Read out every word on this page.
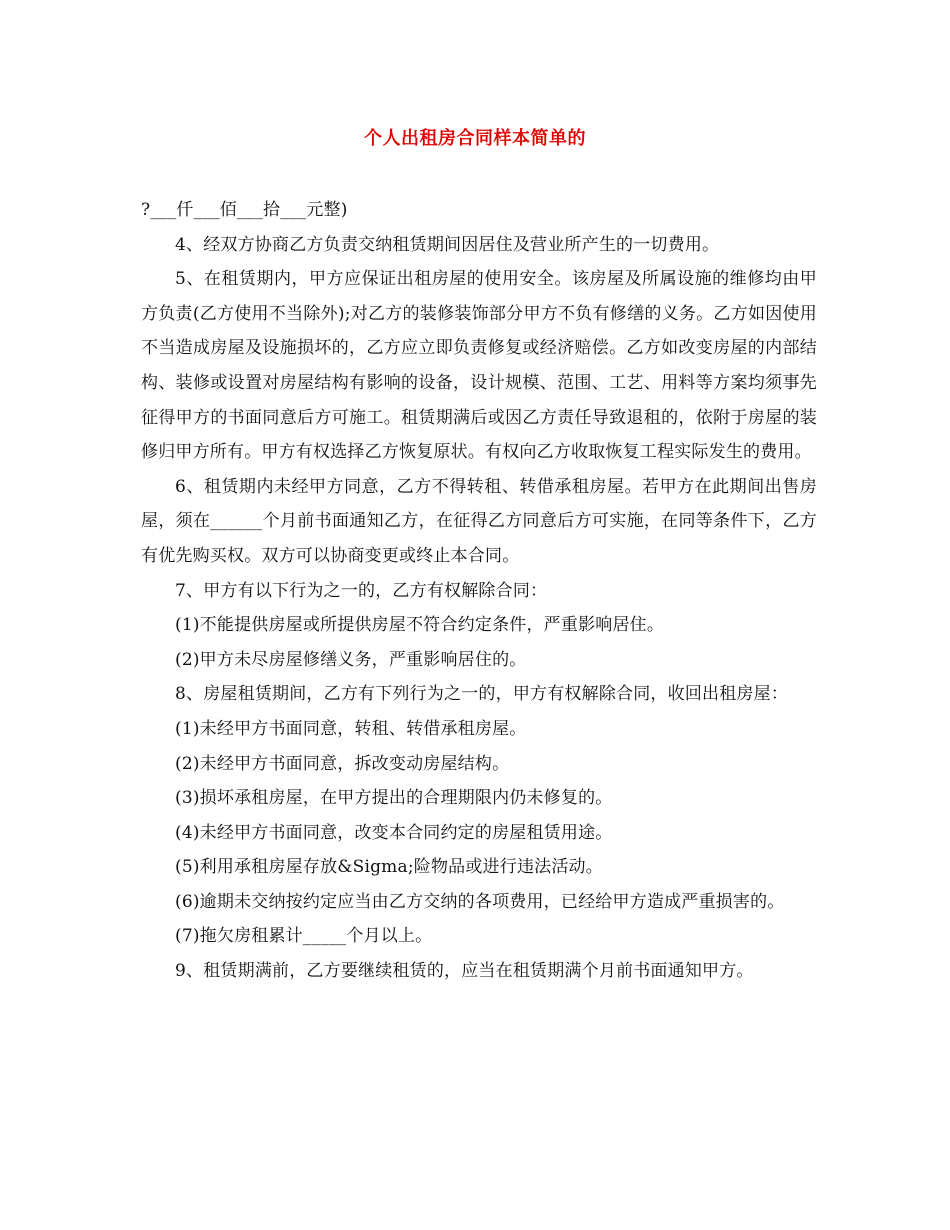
个人出租房合同样本简单的

?___仟___佰___拾___元整)

4、经双方协商乙方负责交纳租赁期间因居住及营业所产生的一切费用。

5、在租赁期内，甲方应保证出租房屋的使用安全。该房屋及所属设施的维修均由甲方负责(乙方使用不当除外);对乙方的装修装饰部分甲方不负有修缮的义务。乙方如因使用不当造成房屋及设施损坏的，乙方应立即负责修复或经济赔偿。乙方如改变房屋的内部结构、装修或设置对房屋结构有影响的设备，设计规模、范围、工艺、用料等方案均须事先征得甲方的书面同意后方可施工。租赁期满后或因乙方责任导致退租的，依附于房屋的装修归甲方所有。甲方有权选择乙方恢复原状。有权向乙方收取恢复工程实际发生的费用。

6、租赁期内未经甲方同意，乙方不得转租、转借承租房屋。若甲方在此期间出售房屋，须在______个月前书面通知乙方，在征得乙方同意后方可实施，在同等条件下，乙方有优先购买权。双方可以协商变更或终止本合同。

7、甲方有以下行为之一的，乙方有权解除合同：

(1)不能提供房屋或所提供房屋不符合约定条件，严重影响居住。

(2)甲方未尽房屋修缮义务，严重影响居住的。

8、房屋租赁期间，乙方有下列行为之一的，甲方有权解除合同，收回出租房屋：

(1)未经甲方书面同意，转租、转借承租房屋。

(2)未经甲方书面同意，拆改变动房屋结构。

(3)损坏承租房屋，在甲方提出的合理期限内仍未修复的。

(4)未经甲方书面同意，改变本合同约定的房屋租赁用途。

(5)利用承租房屋存放&Sigma;险物品或进行违法活动。

(6)逾期未交纳按约定应当由乙方交纳的各项费用，已经给甲方造成严重损害的。

(7)拖欠房租累计_____个月以上。

9、租赁期满前，乙方要继续租赁的，应当在租赁期满个月前书面通知甲方。
